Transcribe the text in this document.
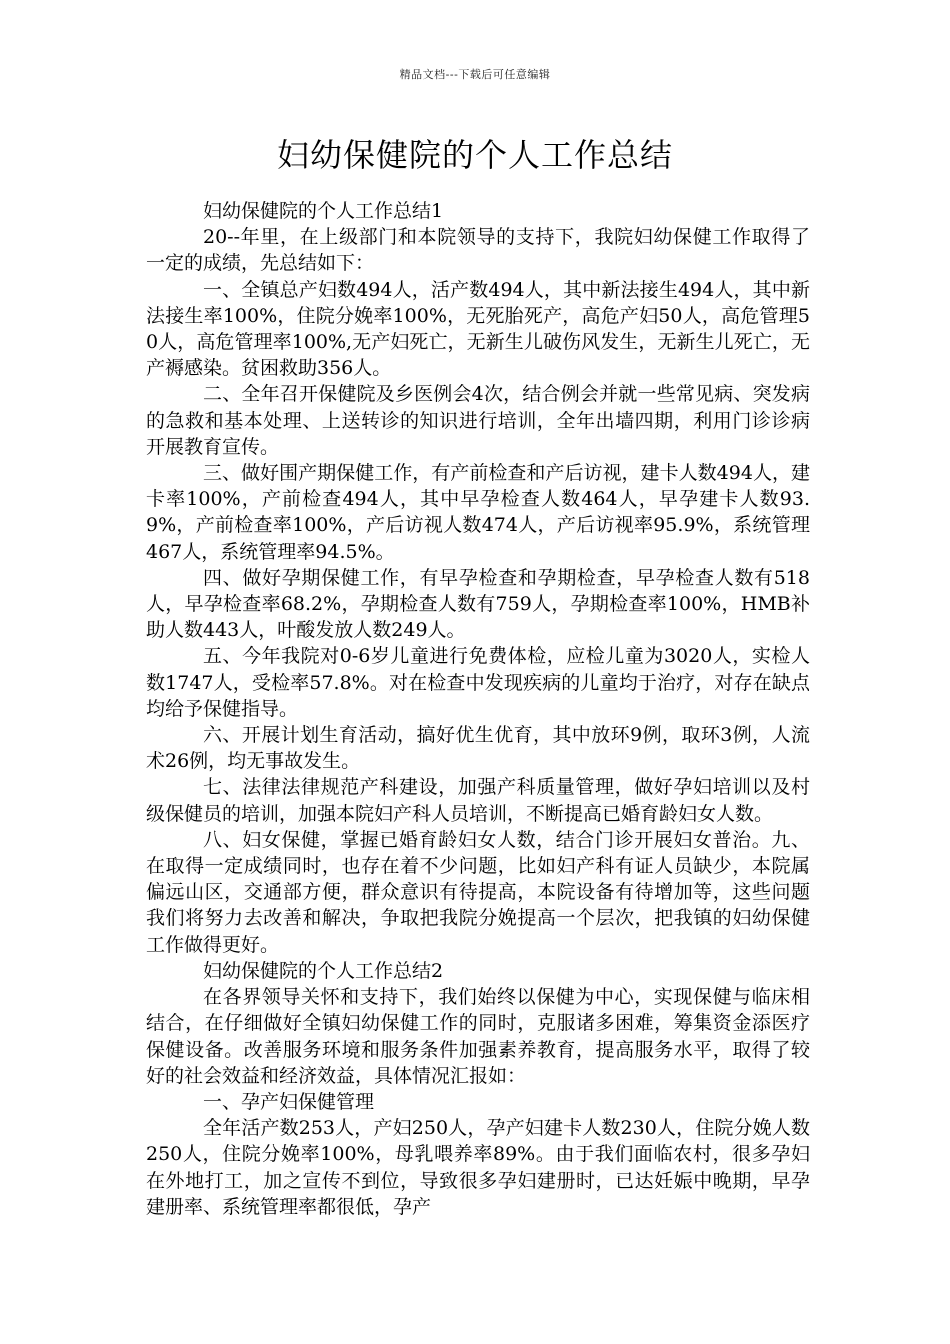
精品文档---下载后可任意编辑
妇幼保健院的个人工作总结

妇幼保健院的个人工作总结1

20--年里，在上级部门和本院领导的支持下，我院妇幼保健工作取得了一定的成绩，先总结如下：

一、全镇总产妇数494人，活产数494人，其中新法接生494人，其中新法接生率100%，住院分娩率100%，无死胎死产，高危产妇50人，高危管理50人，高危管理率100%,无产妇死亡，无新生儿破伤风发生，无新生儿死亡，无产褥感染。贫困救助356人。

二、全年召开保健院及乡医例会4次，结合例会并就一些常见病、突发病的急救和基本处理、上送转诊的知识进行培训，全年出墙四期，利用门诊诊病开展教育宣传。

三、做好围产期保健工作，有产前检查和产后访视，建卡人数494人，建卡率100%，产前检查494人，其中早孕检查人数464人，早孕建卡人数93.9%，产前检查率100%，产后访视人数474人，产后访视率95.9%，系统管理467人，系统管理率94.5%。

四、做好孕期保健工作，有早孕检查和孕期检查，早孕检查人数有518人，早孕检查率68.2%，孕期检查人数有759人，孕期检查率100%，HMB补助人数443人，叶酸发放人数249人。

五、今年我院对0-6岁儿童进行免费体检，应检儿童为3020人，实检人数1747人，受检率57.8%。对在检查中发现疾病的儿童均于治疗，对存在缺点均给予保健指导。

六、开展计划生育活动，搞好优生优育，其中放环9例，取环3例，人流术26例，均无事故发生。

七、法律法律规范产科建设，加强产科质量管理，做好孕妇培训以及村级保健员的培训，加强本院妇产科人员培训，不断提高已婚育龄妇女人数。

八、妇女保健，掌握已婚育龄妇女人数，结合门诊开展妇女普治。九、在取得一定成绩同时，也存在着不少问题，比如妇产科有证人员缺少，本院属偏远山区，交通部方便，群众意识有待提高，本院设备有待增加等，这些问题我们将努力去改善和解决，争取把我院分娩提高一个层次，把我镇的妇幼保健工作做得更好。

妇幼保健院的个人工作总结2

在各界领导关怀和支持下，我们始终以保健为中心，实现保健与临床相结合，在仔细做好全镇妇幼保健工作的同时，克服诸多困难，筹集资金添医疗保健设备。改善服务环境和服务条件加强素养教育，提高服务水平，取得了较好的社会效益和经济效益，具体情况汇报如：

一、孕产妇保健管理

全年活产数253人，产妇250人，孕产妇建卡人数230人，住院分娩人数250人，住院分娩率100%，母乳喂养率89%。由于我们面临农村，很多孕妇在外地打工，加之宣传不到位，导致很多孕妇建册时，已达妊娠中晚期，早孕建册率、系统管理率都很低，孕产
